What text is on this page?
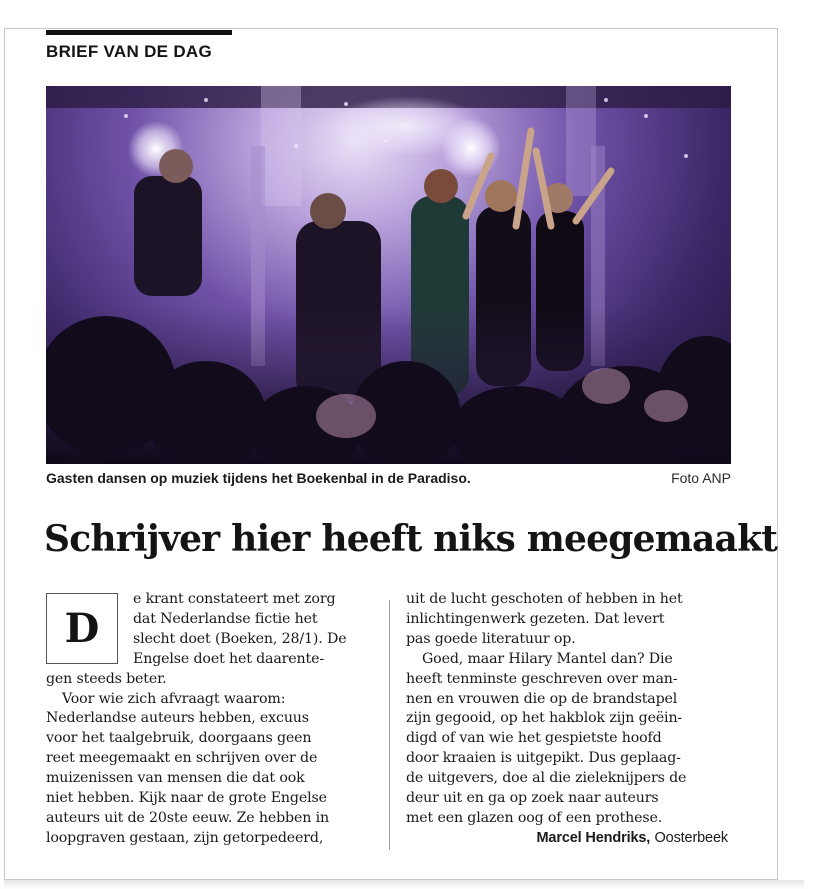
BRIEF VAN DE DAG
Gasten dansen op muziek tijdens het Boekenbal in de Paradiso.	Foto ANP
Schrijver hier heeft niks meegemaakt
D
e krant constateert met zorg
dat Nederlandse fictie het
slecht doet (Boeken, 28/1). De
Engelse doet het daarente-
gen steeds beter.
Voor wie zich afvraagt waarom:
Nederlandse auteurs hebben, excuus
voor het taalgebruik, doorgaans geen
reet meegemaakt en schrijven over de
muizenissen van mensen die dat ook
niet hebben. Kijk naar de grote Engelse
auteurs uit de 20ste eeuw. Ze hebben in
loopgraven gestaan, zijn getorpedeerd,
uit de lucht geschoten of hebben in het
inlichtingenwerk gezeten. Dat levert
pas goede literatuur op.
Goed, maar Hilary Mantel dan? Die
heeft tenminste geschreven over man-
nen en vrouwen die op de brandstapel
zijn gegooid, op het hakblok zijn geëin-
digd of van wie het gespietste hoofd
door kraaien is uitgepikt. Dus geplaag-
de uitgevers, doe al die zieleknijpers de
deur uit en ga op zoek naar auteurs
met een glazen oog of een prothese.
Marcel Hendriks, Oosterbeek
